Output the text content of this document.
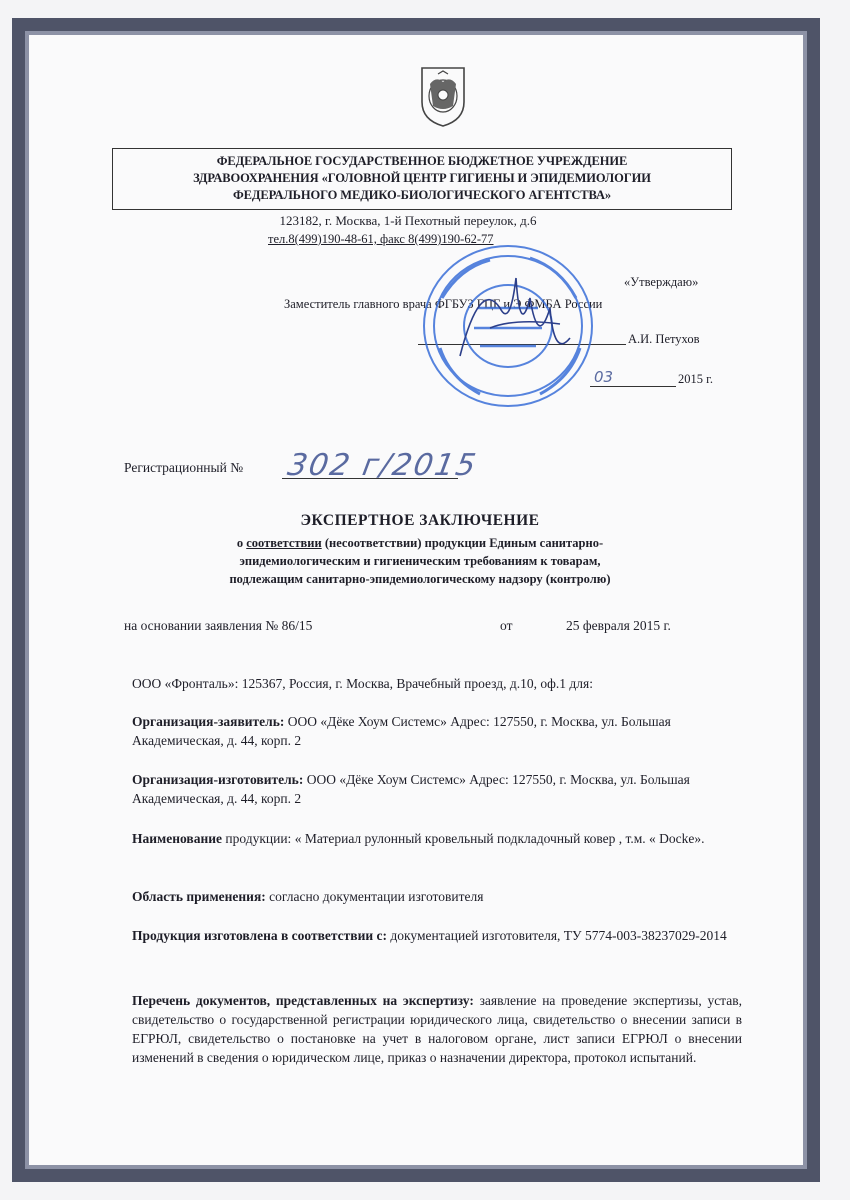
ФЕДЕРАЛЬНОЕ ГОСУДАРСТВЕННОЕ БЮДЖЕТНОЕ УЧРЕЖДЕНИЕ
ЗДРАВООХРАНЕНИЯ «ГОЛОВНОЙ ЦЕНТР ГИГИЕНЫ И ЭПИДЕМИОЛОГИИ
ФЕДЕРАЛЬНОГО МЕДИКО-БИОЛОГИЧЕСКОГО АГЕНТСТВА»
123182, г. Москва, 1-й Пехотный переулок, д.6
тел.8(499)190-48-61, факс 8(499)190-62-77
«Утверждаю»
Заместитель главного врача ФГБУЗ ГЦГ и Э ФМБА России
А.И. Петухов
03	2015 г.
Регистрационный № 302 г/2015
ЭКСПЕРТНОЕ ЗАКЛЮЧЕНИЕ
о соответствии (несоответствии) продукции Единым санитарно-
эпидемиологическим и гигиеническим требованиям к товарам,
подлежащим санитарно-эпидемиологическому надзору (контролю)
на основании заявления № 86/15	от	25 февраля 2015 г.
ООО «Фронталь»: 125367, Россия, г. Москва, Врачебный проезд, д.10, оф.1 для:
Организация-заявитель: ООО «Дёке Хоум Системс» Адрес: 127550, г. Москва, ул. Большая Академическая, д. 44, корп. 2
Организация-изготовитель: ООО «Дёке Хоум Системс» Адрес: 127550, г. Москва, ул. Большая Академическая, д. 44, корп. 2
Наименование продукции: « Материал рулонный кровельный подкладочный ковер , т.м. « Docke».
Область применения: согласно документации изготовителя
Продукция изготовлена в соответствии с: документацией изготовителя, ТУ 5774-003-38237029-2014
Перечень документов, представленных на экспертизу: заявление на проведение экспертизы, устав, свидетельство о государственной регистрации юридического лица, свидетельство о внесении записи в ЕГРЮЛ, свидетельство о постановке на учет в налоговом органе, лист записи ЕГРЮЛ о внесении изменений в сведения о юридическом лице, приказ о назначении директора, протокол испытаний.
